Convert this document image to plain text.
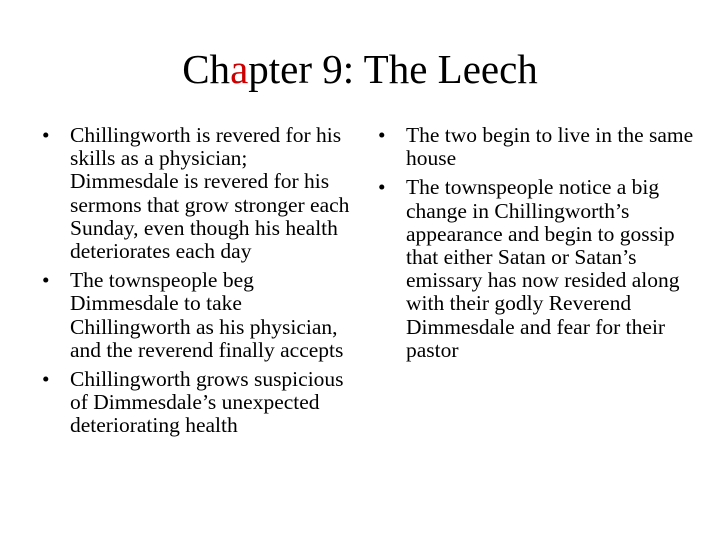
Chapter 9: The Leech
• Chillingworth is revered for his skills as a physician; Dimmesdale is revered for his sermons that grow stronger each Sunday, even though his health deteriorates each day
• The townspeople beg Dimmesdale to take Chillingworth as his physician, and the reverend finally accepts
• Chillingworth grows suspicious of Dimmesdale’s unexpected deteriorating health
• The two begin to live in the same house
• The townspeople notice a big change in Chillingworth’s appearance and begin to gossip that either Satan or Satan’s emissary has now resided along with their godly Reverend Dimmesdale and fear for their pastor
